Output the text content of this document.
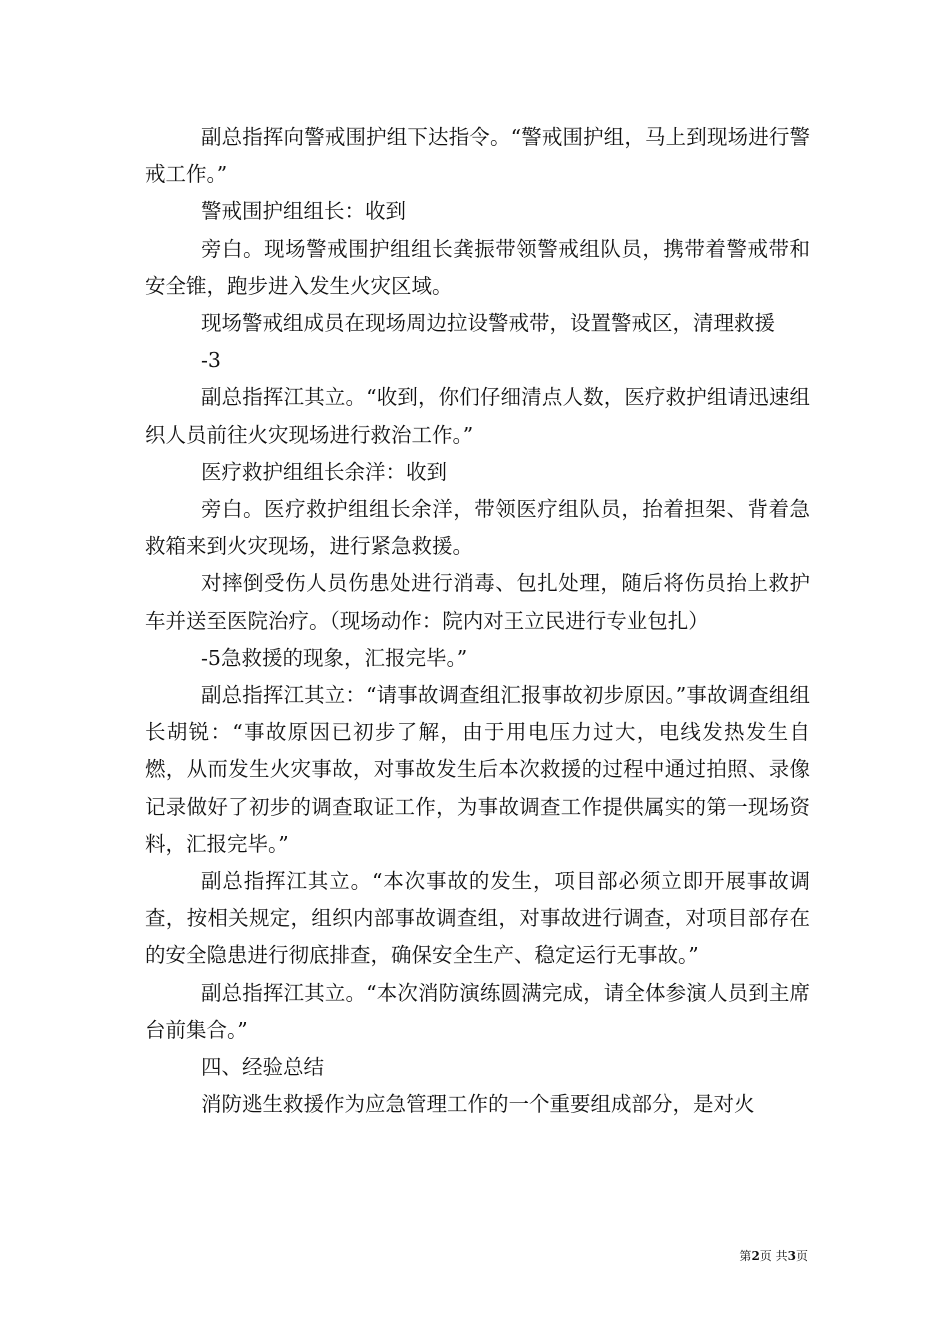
副总指挥向警戒围护组下达指令。“警戒围护组，马上到现场进行警戒工作。”

警戒围护组组长：收到

旁白。现场警戒围护组组长龚振带领警戒组队员，携带着警戒带和安全锥，跑步进入发生火灾区域。

现场警戒组成员在现场周边拉设警戒带，设置警戒区，清理救援

-3

副总指挥江其立。“收到，你们仔细清点人数，医疗救护组请迅速组织人员前往火灾现场进行救治工作。”

医疗救护组组长余洋：收到

旁白。医疗救护组组长余洋，带领医疗组队员，抬着担架、背着急救箱来到火灾现场，进行紧急救援。

对摔倒受伤人员伤患处进行消毒、包扎处理，随后将伤员抬上救护车并送至医院治疗。（现场动作：院内对王立民进行专业包扎）

-5急救援的现象，汇报完毕。”

副总指挥江其立：“请事故调查组汇报事故初步原因。”事故调查组组长胡锐：“事故原因已初步了解，由于用电压力过大，电线发热发生自燃，从而发生火灾事故，对事故发生后本次救援的过程中通过拍照、录像记录做好了初步的调查取证工作，为事故调查工作提供属实的第一现场资料，汇报完毕。”

副总指挥江其立。“本次事故的发生，项目部必须立即开展事故调查，按相关规定，组织内部事故调查组，对事故进行调查，对项目部存在的安全隐患进行彻底排查，确保安全生产、稳定运行无事故。”

副总指挥江其立。“本次消防演练圆满完成，请全体参演人员到主席台前集合。”

四、经验总结

消防逃生救援作为应急管理工作的一个重要组成部分，是对火

第2页 共3页
